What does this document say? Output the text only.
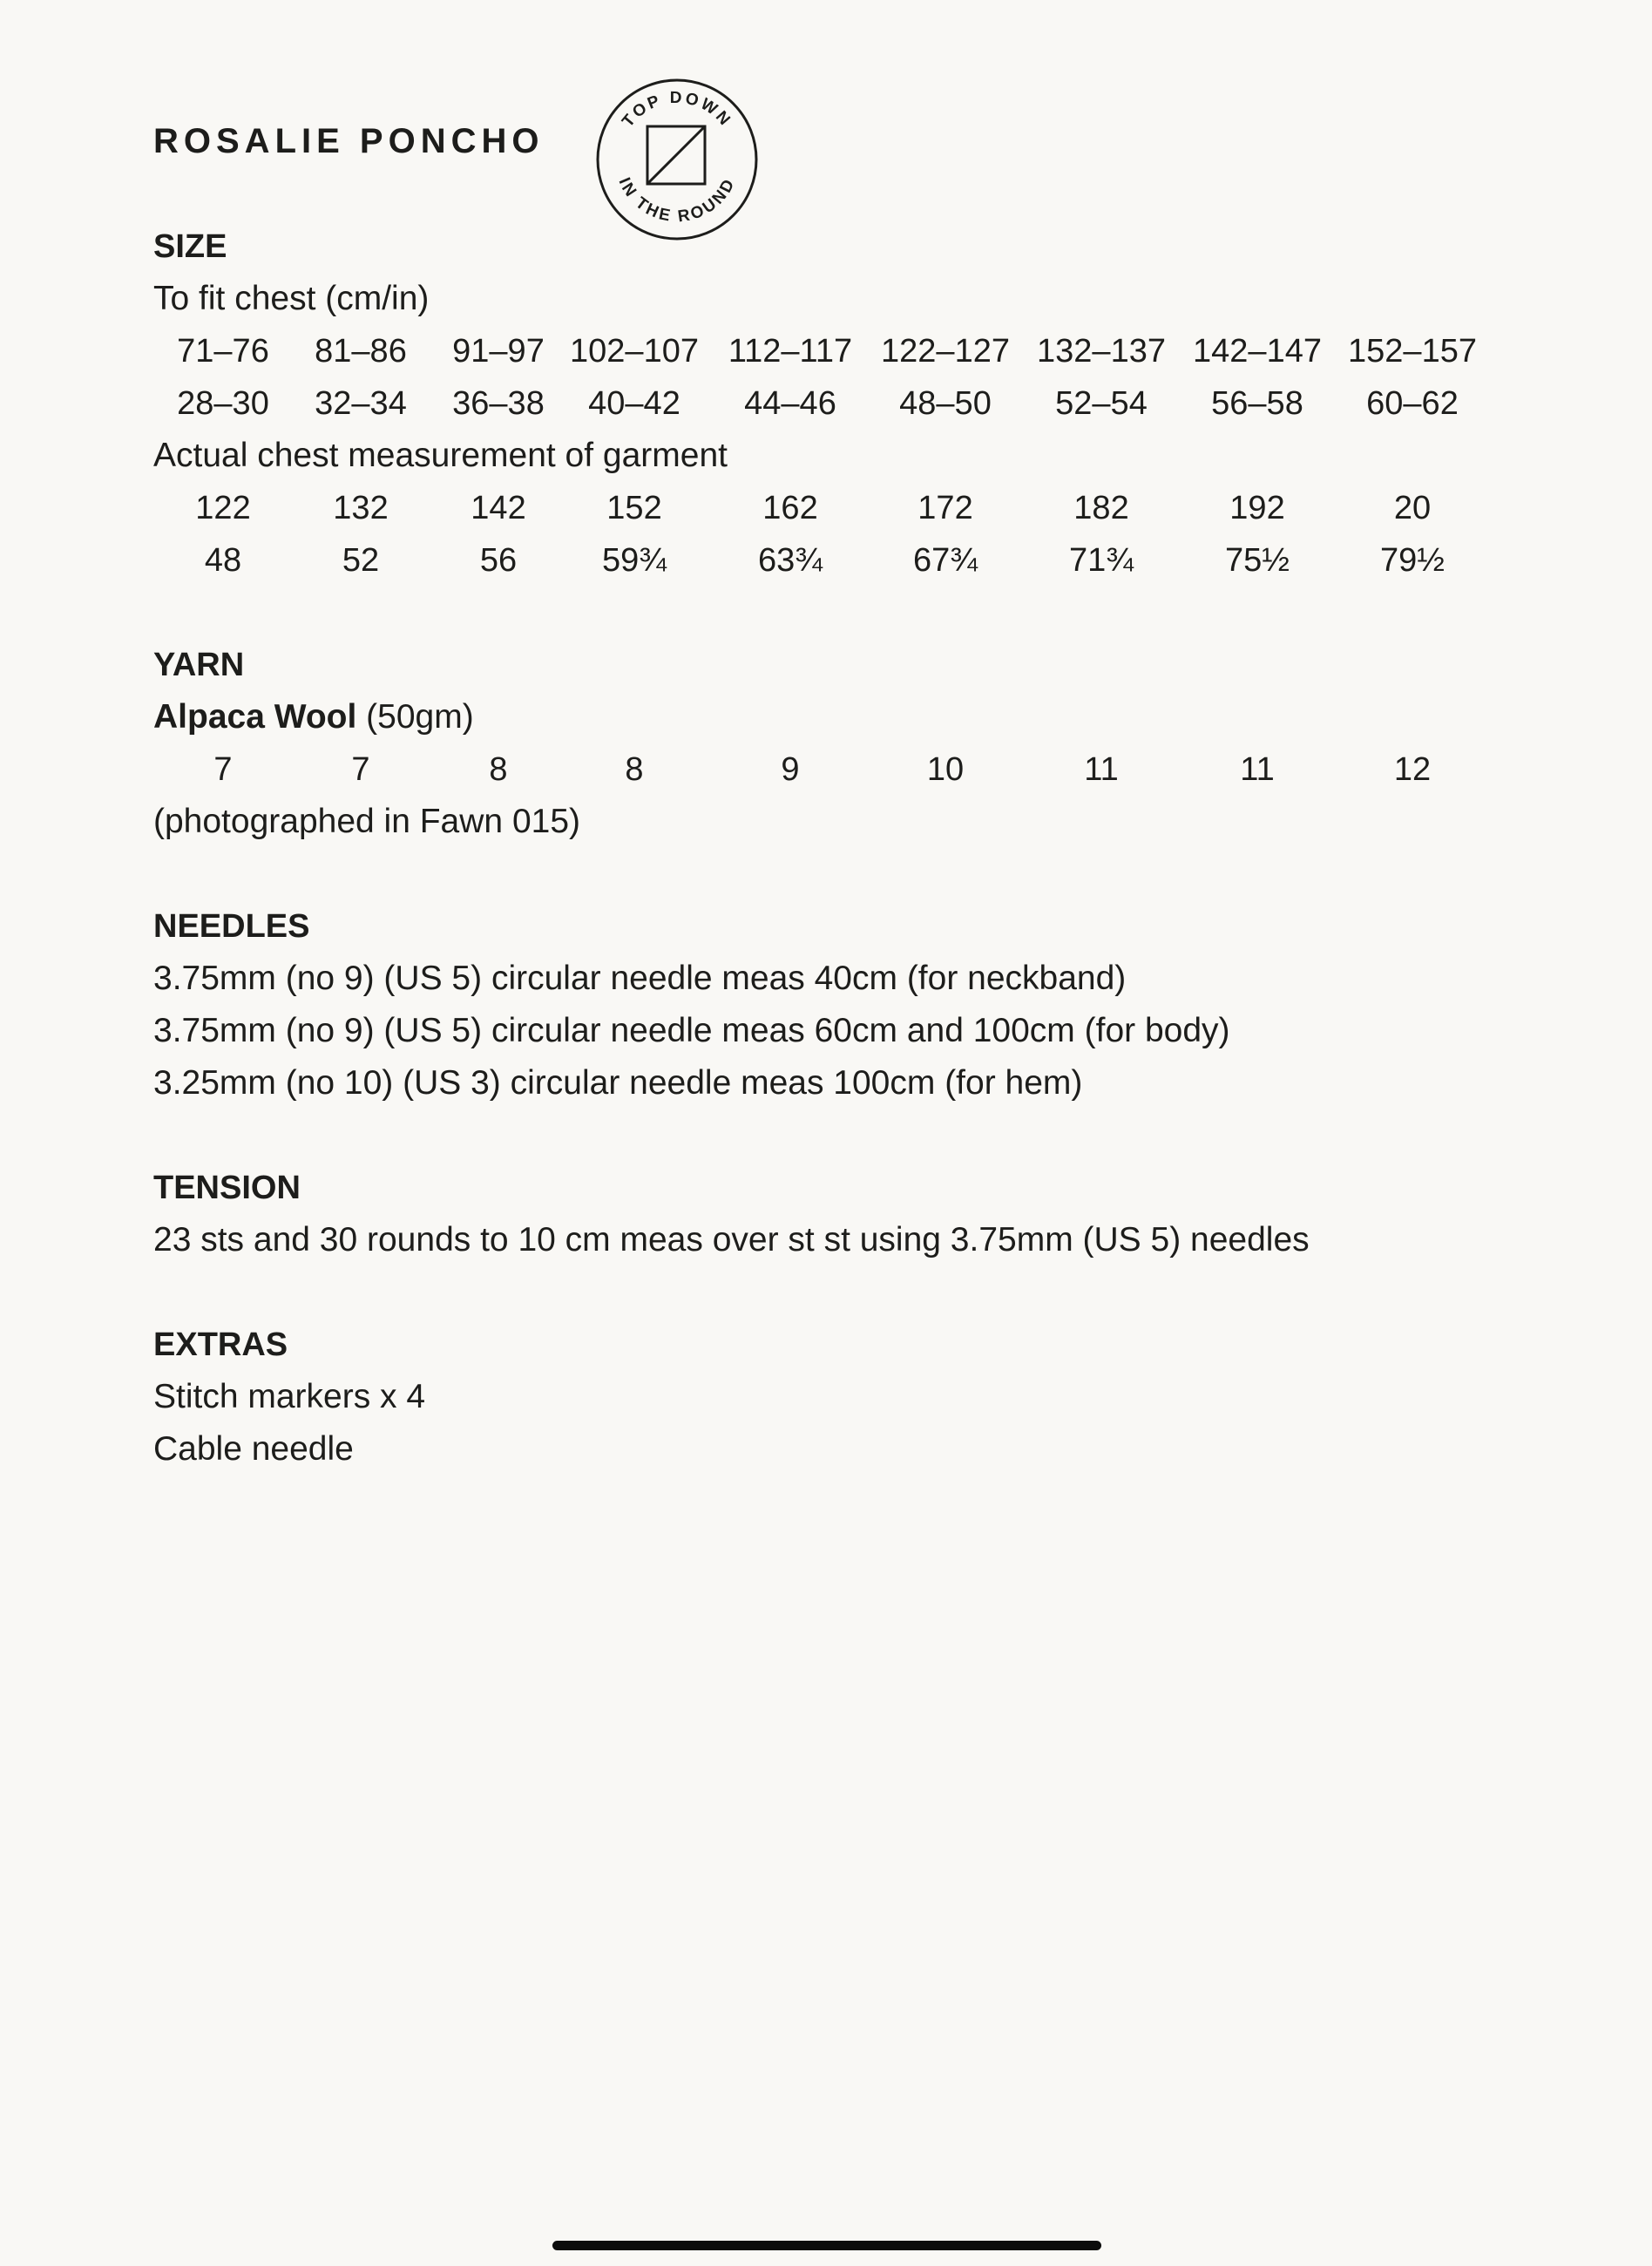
ROSALIE PONCHO
TOP DOWN
IN THE ROUND
SIZE

To fit chest (cm/in)

71–76	81–86	91–97 102–107 112–117 122–127 132–137 142–147 152–157
28–30	32–34	36–38	40–42	44–46	48–50	52–54	56–58	60–62

Actual chest measurement of garment

122	132	142	152	162	172	182	192	20
48	52	56	59¾	63¾	67¾	71¾	75½	79½
YARN

Alpaca Wool (50gm)

7	7	8	8	9	10	11	11	12

(photographed in Fawn 015)

NEEDLES

3.75mm (no 9) (US 5) circular needle meas 40cm (for neckband)

3.75mm (no 9) (US 5) circular needle meas 60cm and 100cm (for body)

3.25mm (no 10) (US 3) circular needle meas 100cm (for hem)

TENSION

23 sts and 30 rounds to 10 cm meas over st st using 3.75mm (US 5) needles

EXTRAS

Stitch markers x 4

Cable needle
